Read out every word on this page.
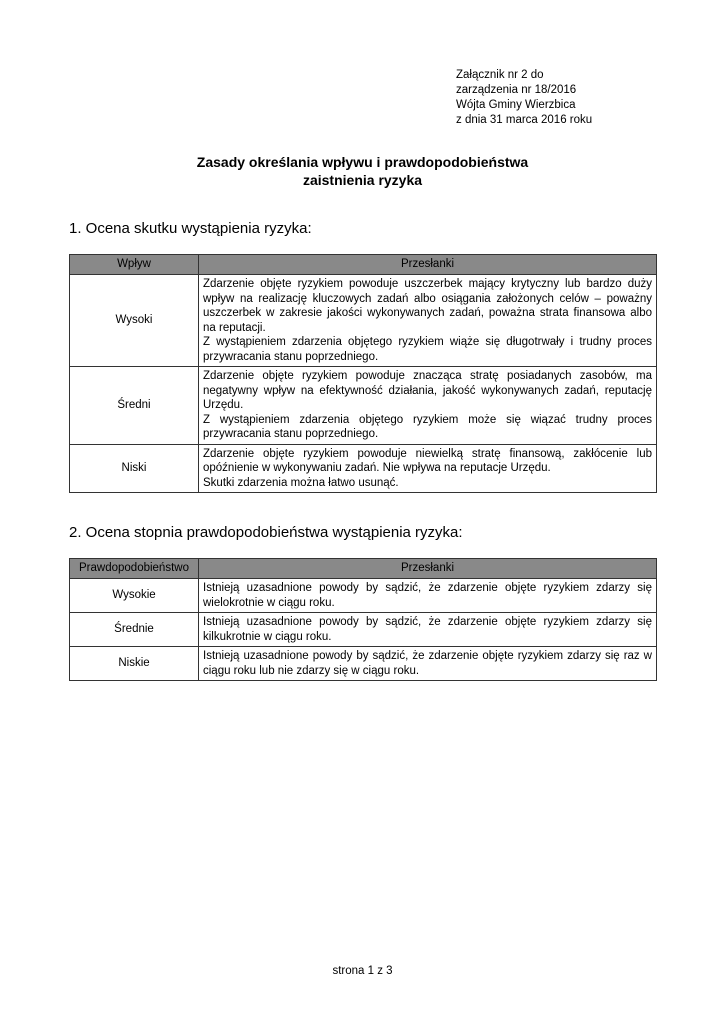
Załącznik nr 2 do
zarządzenia nr 18/2016
Wójta Gminy Wierzbica
z dnia 31 marca 2016 roku
Zasady określania wpływu i prawdopodobieństwa
zaistnienia ryzyka
1. Ocena skutku wystąpienia ryzyka:
Wpływ	Przesłanki
Wysoki	Zdarzenie objęte ryzykiem powoduje uszczerbek mający krytyczny lub bardzo duży wpływ na realizację kluczowych zadań albo osiągania założonych celów – poważny uszczerbek w zakresie jakości wykonywanych zadań, poważna strata finansowa albo na reputacji.
Z wystąpieniem zdarzenia objętego ryzykiem wiąże się długotrwały i trudny proces przywracania stanu poprzedniego.

Średni	Zdarzenie objęte ryzykiem powoduje znacząca stratę posiadanych zasobów, ma negatywny wpływ na efektywność działania, jakość wykonywanych zadań, reputację Urzędu.
Z wystąpieniem zdarzenia objętego ryzykiem może się wiązać trudny proces przywracania stanu poprzedniego.

Niski	Zdarzenie objęte ryzykiem powoduje niewielką stratę finansową, zakłócenie lub opóźnienie w wykonywaniu zadań. Nie wpływa na reputacje Urzędu.
Skutki zdarzenia można łatwo usunąć.
2. Ocena stopnia prawdopodobieństwa wystąpienia ryzyka:
Prawdopodobieństwo	Przesłanki
Wysokie	Istnieją uzasadnione powody by sądzić, że zdarzenie objęte ryzykiem zdarzy się wielokrotnie w ciągu roku.

Średnie	Istnieją uzasadnione powody by sądzić, że zdarzenie objęte ryzykiem zdarzy się kilkukrotnie w ciągu roku.

Niskie	Istnieją uzasadnione powody by sądzić, że zdarzenie objęte ryzykiem zdarzy się raz w ciągu roku lub nie zdarzy się w ciągu roku.
strona 1 z 3
